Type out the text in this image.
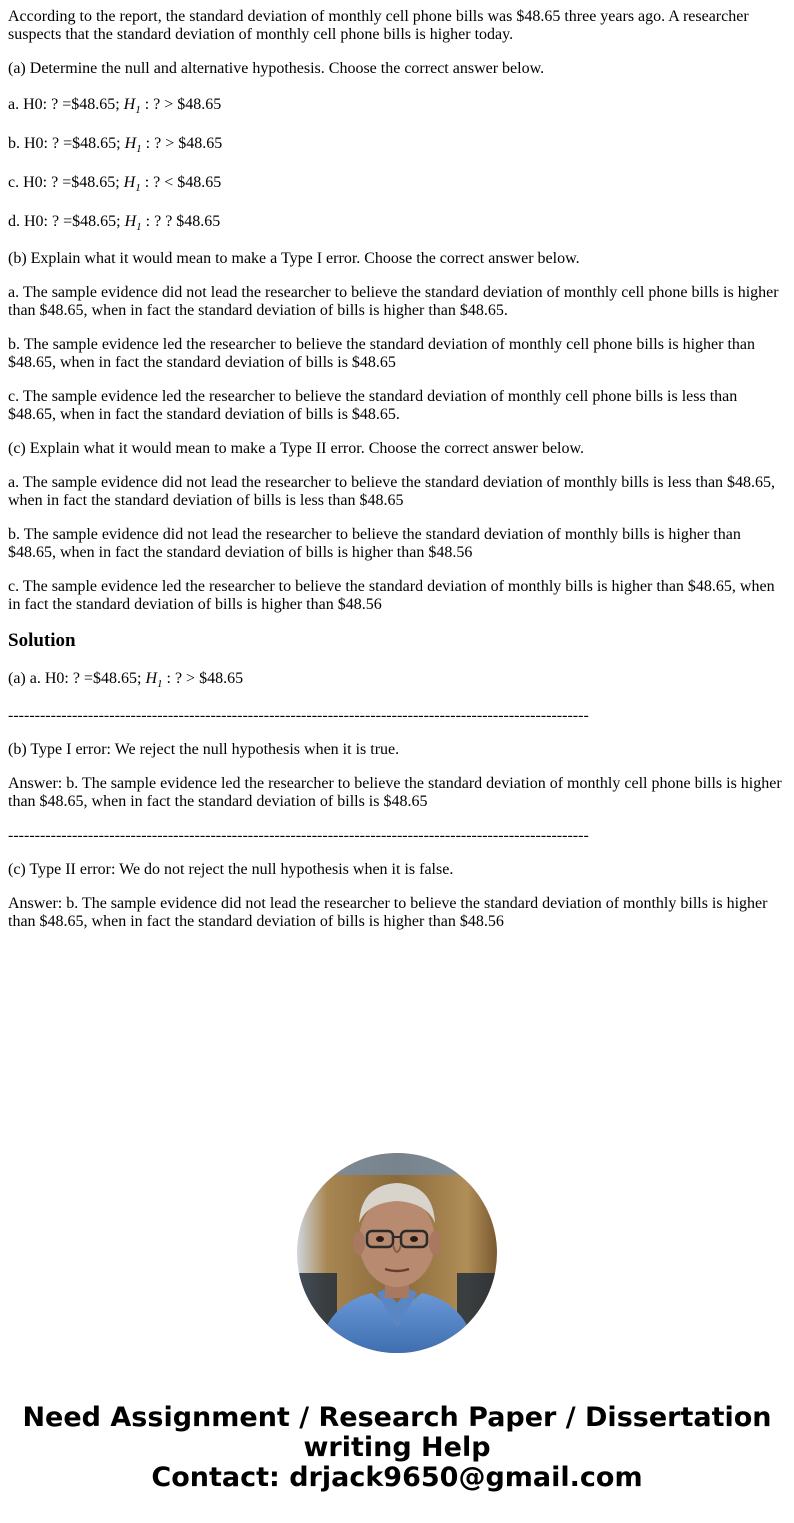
According to the report, the standard deviation of monthly cell phone bills was $48.65 three years ago. A researcher suspects that the standard deviation of monthly cell phone bills is higher today.

(a) Determine the null and alternative hypothesis. Choose the correct answer below.

a. H0: ? =$48.65; $H_1$ : ? > $48.65
b. H0: ? =$48.65; $H_1$ : ? > $48.65
c. H0: ? =$48.65; $H_1$ : ? < $48.65
d. H0: ? =$48.65; $H_1$ : ? ? $48.65

(b) Explain what it would mean to make a Type I error. Choose the correct answer below.

a. The sample evidence did not lead the researcher to believe the standard deviation of monthly cell phone bills is higher than $48.65, when in fact the standard deviation of bills is higher than $48.65.

b. The sample evidence led the researcher to believe the standard deviation of monthly cell phone bills is higher than $48.65, when in fact the standard deviation of bills is $48.65

c. The sample evidence led the researcher to believe the standard deviation of monthly cell phone bills is less than $48.65, when in fact the standard deviation of bills is $48.65.

(c) Explain what it would mean to make a Type II error. Choose the correct answer below.

a. The sample evidence did not lead the researcher to believe the standard deviation of monthly bills is less than $48.65, when in fact the standard deviation of bills is less than $48.65

b. The sample evidence did not lead the researcher to believe the standard deviation of monthly bills is higher than $48.65, when in fact the standard deviation of bills is higher than $48.56

c. The sample evidence led the researcher to believe the standard deviation of monthly bills is higher than $48.65, when in fact the standard deviation of bills is higher than $48.56

Solution
(a) a. H0: ? =$48.65; $H_1$ : ? > $48.65

-------------------------------------------------------------------------------------------------------------

(b) Type I error: We reject the null hypothesis when it is true.

Answer: b. The sample evidence led the researcher to believe the standard deviation of monthly cell phone bills is higher than $48.65, when in fact the standard deviation of bills is $48.65

-------------------------------------------------------------------------------------------------------------

(c) Type II error: We do not reject the null hypothesis when it is false.

Answer: b. The sample evidence did not lead the researcher to believe the standard deviation of monthly bills is higher than $48.65, when in fact the standard deviation of bills is higher than $48.56

Need Assignment / Research Paper / Dissertation
writing Help
Contact: drjack9650@gmail.com
